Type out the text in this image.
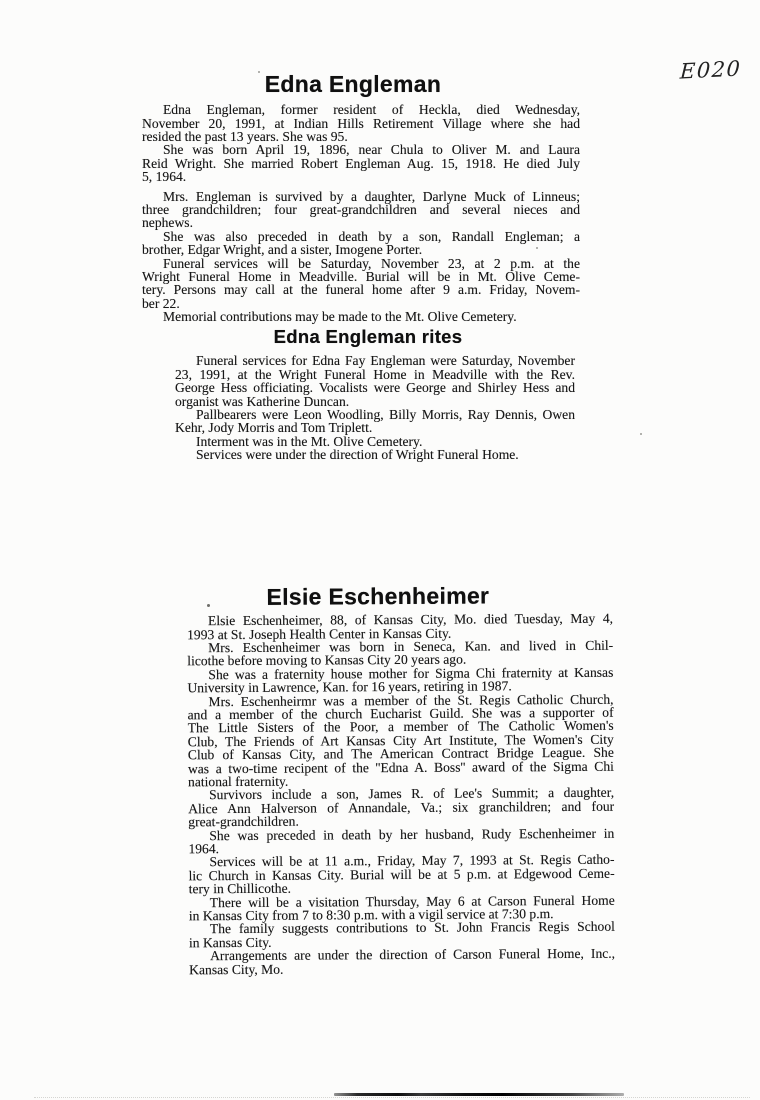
E020
Edna Engleman
Edna Engleman, former resident of Heckla, died Wednesday,
November 20, 1991, at Indian Hills Retirement Village where she had
resided the past 13 years. She was 95.
She was born April 19, 1896, near Chula to Oliver M. and Laura
Reid Wright. She married Robert Engleman Aug. 15, 1918. He died July
5, 1964.
Mrs. Engleman is survived by a daughter, Darlyne Muck of Linneus;
three grandchildren; four great-grandchildren and several nieces and
nephews.
She was also preceded in death by a son, Randall Engleman; a
brother, Edgar Wright, and a sister, Imogene Porter.
Funeral services will be Saturday, November 23, at 2 p.m. at the
Wright Funeral Home in Meadville. Burial will be in Mt. Olive Ceme-
tery. Persons may call at the funeral home after 9 a.m. Friday, Novem-
ber 22.
Memorial contributions may be made to the Mt. Olive Cemetery.
Edna Engleman rites
Funeral services for Edna Fay Engleman were Saturday, November
23, 1991, at the Wright Funeral Home in Meadville with the Rev.
George Hess officiating. Vocalists were George and Shirley Hess and
organist was Katherine Duncan.
Pallbearers were Leon Woodling, Billy Morris, Ray Dennis, Owen
Kehr, Jody Morris and Tom Triplett.
Interment was in the Mt. Olive Cemetery.
Services were under the direction of Wright Funeral Home.
Elsie Eschenheimer
Elsie Eschenheimer, 88, of Kansas City, Mo. died Tuesday, May 4,
1993 at St. Joseph Health Center in Kansas City.
Mrs. Eschenheimer was born in Seneca, Kan. and lived in Chil-
licothe before moving to Kansas City 20 years ago.
She was a fraternity house mother for Sigma Chi fraternity at Kansas
University in Lawrence, Kan. for 16 years, retiring in 1987.
Mrs. Eschenheirmr was a member of the St. Regis Catholic Church,
and a member of the church Eucharist Guild. She was a supporter of
The Little Sisters of the Poor, a member of The Catholic Women's
Club, The Friends of Art Kansas City Art Institute, The Women's City
Club of Kansas City, and The American Contract Bridge League. She
was a two-time recipent of the ''Edna A. Boss'' award of the Sigma Chi
national fraternity.
Survivors include a son, James R. of Lee's Summit; a daughter,
Alice Ann Halverson of Annandale, Va.; six granchildren; and four
great-grandchildren.
She was preceded in death by her husband, Rudy Eschenheimer in
1964.
Services will be at 11 a.m., Friday, May 7, 1993 at St. Regis Catho-
lic Church in Kansas City. Burial will be at 5 p.m. at Edgewood Ceme-
tery in Chillicothe.
There will be a visitation Thursday, May 6 at Carson Funeral Home
in Kansas City from 7 to 8:30 p.m. with a vigil service at 7:30 p.m.
The family suggests contributions to St. John Francis Regis School
in Kansas City.
Arrangements are under the direction of Carson Funeral Home, Inc.,
Kansas City, Mo.
